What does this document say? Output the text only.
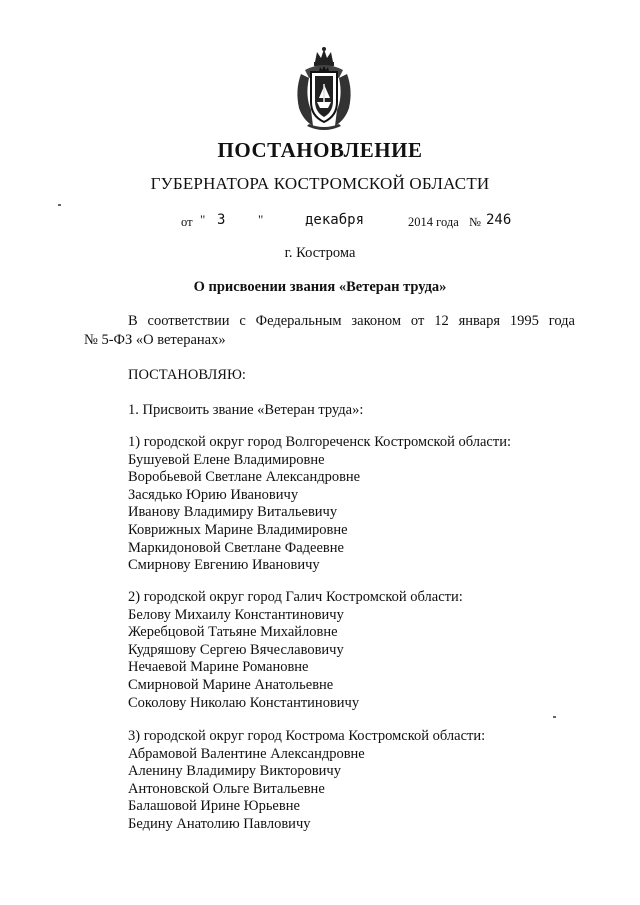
ПОСТАНОВЛЕНИЕ
ГУБЕРНАТОРА КОСТРОМСКОЙ ОБЛАСТИ
от " 3	"	декабря	2014 года № 246
г. Кострома
О присвоении звания «Ветеран труда»
В соответствии с Федеральным законом от 12 января 1995 года
№ 5-ФЗ «О ветеранах»
ПОСТАНОВЛЯЮ:
1. Присвоить звание «Ветеран труда»:
1) городской округ город Волгореченск Костромской области:
Бушуевой Елене Владимировне
Воробьевой Светлане Александровне
Засядько Юрию Ивановичу
Иванову Владимиру Витальевичу
Коврижных Марине Владимировне
Маркидоновой Светлане Фадеевне
Смирнову Евгению Ивановичу
2) городской округ город Галич Костромской области:
Белову Михаилу Константиновичу
Жеребцовой Татьяне Михайловне
Кудряшову Сергею Вячеславовичу
Нечаевой Марине Романовне
Смирновой Марине Анатольевне
Соколову Николаю Константиновичу
3) городской округ город Кострома Костромской области:
Абрамовой Валентине Александровне
Аленину Владимиру Викторовичу
Антоновской Ольге Витальевне
Балашовой Ирине Юрьевне
Бедину Анатолию Павловичу
